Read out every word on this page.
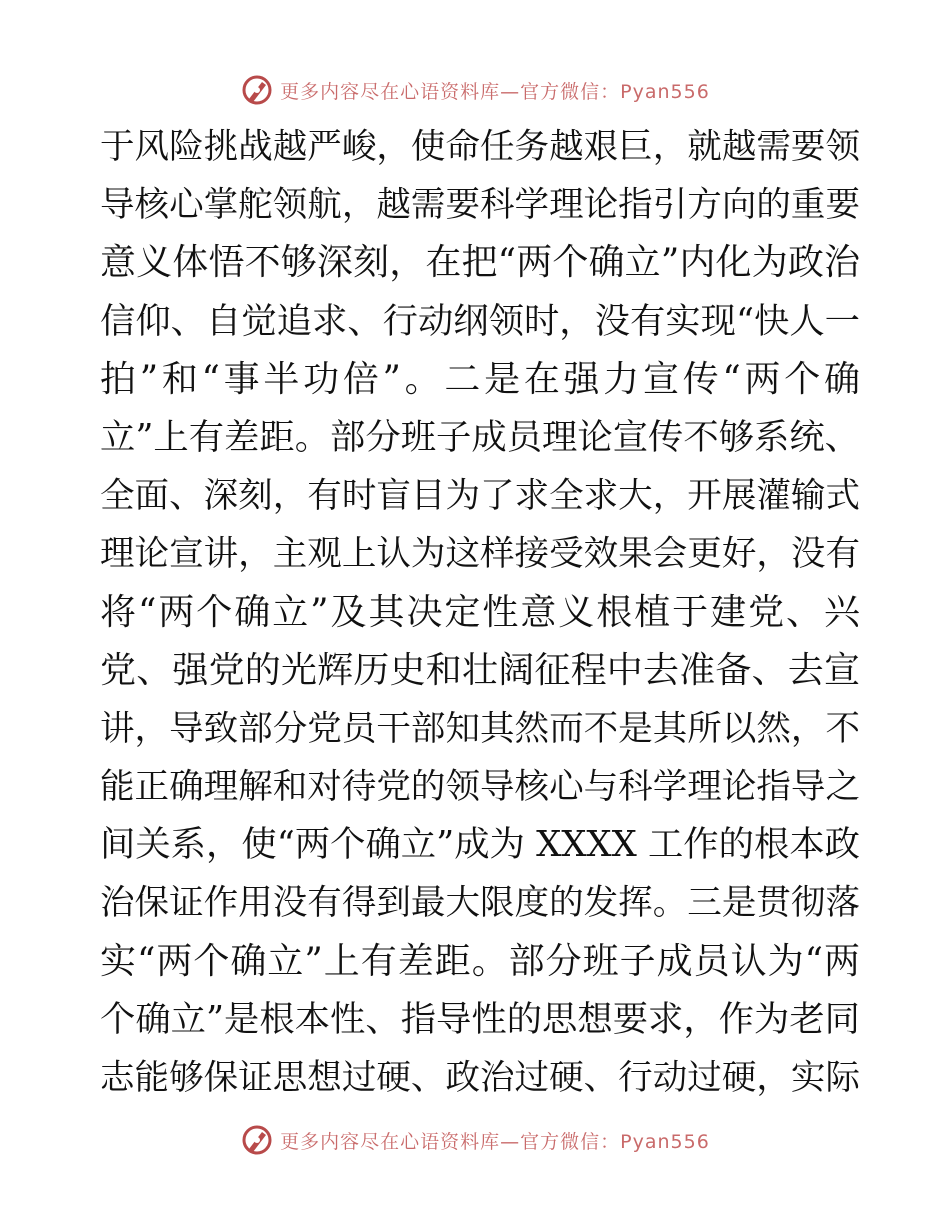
更多内容尽在心语资料库—官方微信：Pyan556
于风险挑战越严峻，使命任务越艰巨，就越需要领
导核心掌舵领航，越需要科学理论指引方向的重要
意义体悟不够深刻，在把“两个确立”内化为政治
信仰、自觉追求、行动纲领时，没有实现“快人一
拍”和“事半功倍”。二是在强力宣传“两个确
立”上有差距。部分班子成员理论宣传不够系统、
全面、深刻，有时盲目为了求全求大，开展灌输式
理论宣讲，主观上认为这样接受效果会更好，没有
将“两个确立”及其决定性意义根植于建党、兴
党、强党的光辉历史和壮阔征程中去准备、去宣
讲，导致部分党员干部知其然而不是其所以然，不
能正确理解和对待党的领导核心与科学理论指导之
间关系，使“两个确立”成为 XXXX 工作的根本政
治保证作用没有得到最大限度的发挥。三是贯彻落
实“两个确立”上有差距。部分班子成员认为“两
个确立”是根本性、指导性的思想要求，作为老同
志能够保证思想过硬、政治过硬、行动过硬，实际
更多内容尽在心语资料库—官方微信：Pyan556
